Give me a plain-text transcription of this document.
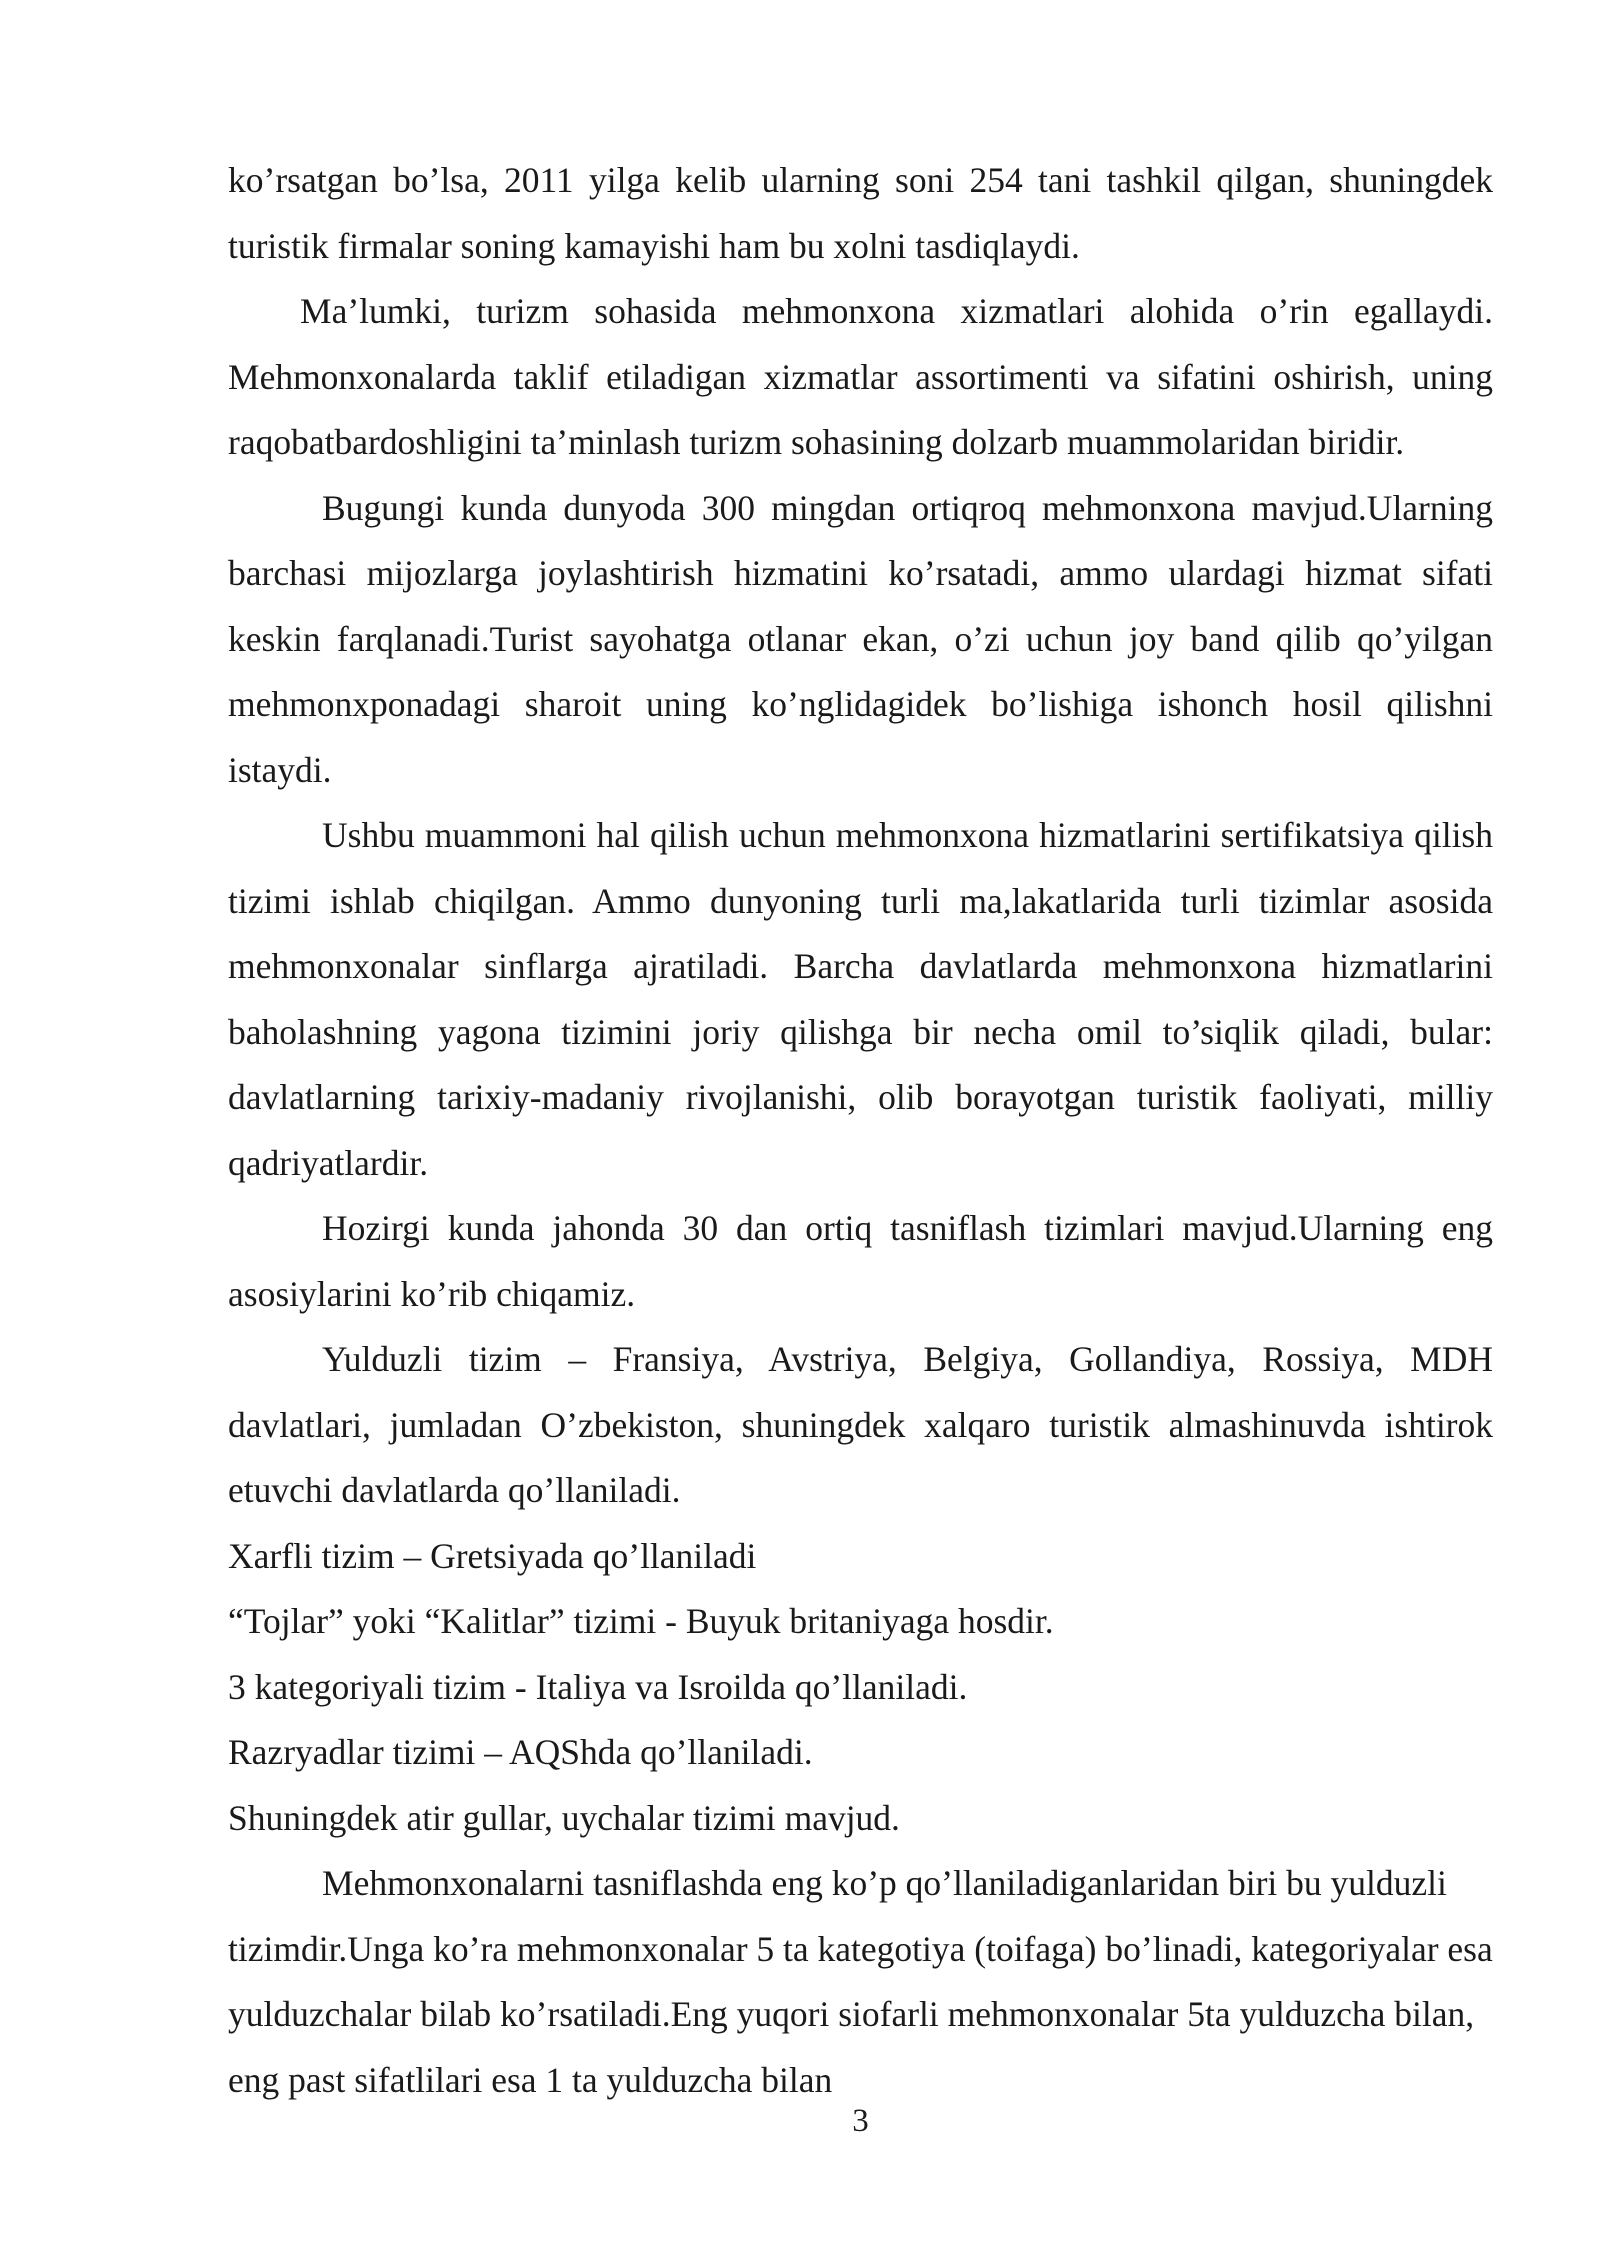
ko’rsatgan bo’lsa, 2011 yilga kelib ularning soni 254 tani tashkil qilgan, shuningdek turistik firmalar soning kamayishi ham bu xolni tasdiqlaydi.

Ma’lumki, turizm sohasida mehmonxona xizmatlari alohida o’rin egallaydi. Mehmonxonalarda taklif etiladigan xizmatlar assortimenti va sifatini oshirish, uning raqobatbardoshligini ta’minlash turizm sohasining dolzarb muammolaridan biridir.

Bugungi kunda dunyoda 300 mingdan ortiqroq mehmonxona mavjud.Ularning barchasi mijozlarga joylashtirish hizmatini ko’rsatadi, ammo ulardagi hizmat sifati keskin farqlanadi.Turist sayohatga otlanar ekan, o’zi uchun joy band qilib qo’yilgan mehmonxponadagi sharoit uning ko’nglidagidek bo’lishiga ishonch hosil qilishni istaydi.

Ushbu muammoni hal qilish uchun mehmonxona hizmatlarini sertifikatsiya qilish tizimi ishlab chiqilgan. Ammo dunyoning turli ma,lakatlarida turli tizimlar asosida mehmonxonalar sinflarga ajratiladi. Barcha davlatlarda mehmonxona hizmatlarini baholashning yagona tizimini joriy qilishga bir necha omil to’siqlik qiladi, bular: davlatlarning tarixiy-madaniy rivojlanishi, olib borayotgan turistik faoliyati, milliy qadriyatlardir.

Hozirgi kunda jahonda 30 dan ortiq tasniflash tizimlari mavjud.Ularning eng asosiylarini ko’rib chiqamiz.

Yulduzli tizim – Fransiya, Avstriya, Belgiya, Gollandiya, Rossiya, MDH davlatlari, jumladan O’zbekiston, shuningdek xalqaro turistik almashinuvda ishtirok etuvchi davlatlarda qo’llaniladi.

Xarfli tizim – Gretsiyada qo’llaniladi

“Tojlar” yoki “Kalitlar” tizimi - Buyuk britaniyaga hosdir.

3 kategoriyali tizim - Italiya va Isroilda qo’llaniladi.

Razryadlar tizimi – AQShda qo’llaniladi.

Shuningdek atir gullar, uychalar tizimi mavjud.

Mehmonxonalarni tasniflashda eng ko’p qo’llaniladiganlaridan biri bu yulduzli tizimdir.Unga ko’ra mehmonxonalar 5 ta kategotiya (toifaga) bo’linadi, kategoriyalar esa yulduzchalar bilab ko’rsatiladi.Eng yuqori siofarli mehmonxonalar 5ta yulduzcha bilan, eng past sifatlilari esa 1 ta yulduzcha bilan

3
